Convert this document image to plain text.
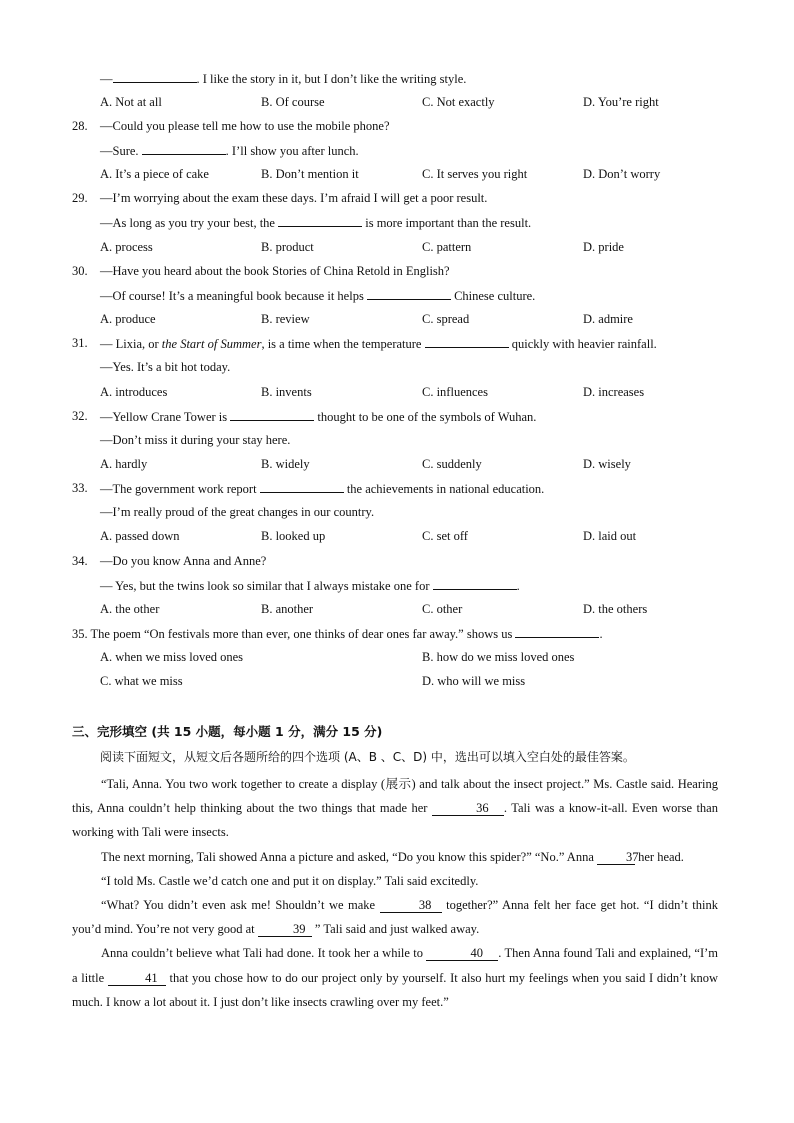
—	. I like the story in it, but I don’t like the writing style.
A. Not at all	B. Of course	C. Not exactly	D. You’re right
28. —Could you please tell me how to use the mobile phone?
—Sure.	. I’ll show you after lunch.
A. It’s a piece of cake	B. Don’t mention it	C. It serves you right	D. Don’t worry
29. —I’m worrying about the exam these days. I’m afraid I will get a poor result.
—As long as you try your best, the	is more important than the result.
A. process	B. product	C. pattern	D. pride
30. —Have you heard about the book Stories of China Retold in English?
—Of course! It’s a meaningful book because it helps	Chinese culture.
A. produce	B. review	C. spread	D. admire
31. — Lixia, or the Start of Summer, is a time when the temperature	quickly with heavier rainfall.
—Yes. It’s a bit hot today.
A. introduces	B. invents	C. influences	D. increases
32. —Yellow Crane Tower is	thought to be one of the symbols of Wuhan.
—Don’t miss it during your stay here.
A. hardly	B. widely	C. suddenly	D. wisely
33. —The government work report	the achievements in national education.
—I’m really proud of the great changes in our country.
A. passed down	B. looked up	C. set off	D. laid out
34. —Do you know Anna and Anne?
— Yes, but the twins look so similar that I always mistake one for	.
A. the other	B. another	C. other	D. the others
35. The poem “On festivals more than ever, one thinks of dear ones far away.” shows us	.
A. when we miss loved ones	B. how do we miss loved ones
C. what we miss	D. who will we miss
三、完形填空 (共 15 小题，每小题 1 分，满分 15 分)
阅读下面短文，从短文后各题所给的四个选项 (A、B 、C、D) 中，选出可以填入空白处的最佳答案。

“Tali, Anna. You two work together to create a display (展示) and talk about the insect project.” Ms. Castle said. Hearing this, Anna couldn’t help thinking about the two things that made her	36 . Tali was a know-it-all. Even worse than working with Tali were insects.

The next morning, Tali showed Anna a picture and asked, “Do you know this spider?” “No.” Anna 37 her head.

“I told Ms. Castle we’d catch one and put it on display.” Tali said excitedly.

“What? You didn’t even ask me! Shouldn’t we make	38 together?” Anna felt her face get hot. “I didn’t think you’d mind. You’re not very good at	39 ” Tali said and just walked away.

Anna couldn’t believe what Tali had done. It took her a while to	40 . Then Anna found Tali and explained, “I’m a little	41 that you chose how to do our project only by yourself. It also hurt my feelings when you said I didn’t know much. I know a lot about it. I just don’t like insects crawling over my feet.”
